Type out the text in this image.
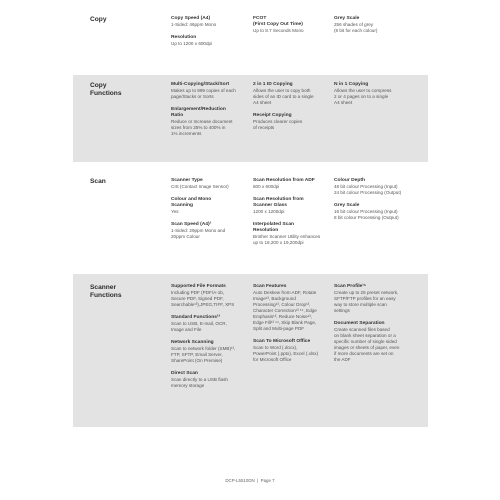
Copy	Copy Speed (A4)
1-Sided: 46ppm Mono
Resolution
Up to 1200 x 600dpi
FCOT
(First Copy Out Time)
Up to 8.7 Seconds Mono
Grey Scale
256 shades of grey
(8 bit for each colour)
Copy
Functions
Multi-Copying/Stack/Sort
Makes up to 999 copies of each
page/Stacks or Sorts
Enlargement/Reduction
Ratio
Reduce or Increase document
sizes from 25% to 400% in
1% increments
2 in 1 ID Copying
Allows the user to copy both
sides of an ID card to a single
A4 sheet
Receipt Copying
Produces clearer copies
of receipts
N in 1 Copying
Allows the user to compress
2 or 4 pages on to a single
A4 sheet
Scan	Scanner Type
CIS (Contact Image Sensor)
Colour and Mono
Scanning
Yes
Scan Speed (A4)²
1-Sided: 29ppm Mono and
20ppm Colour
Scan Resolution from ADF
600 x 600dpi
Scan Resolution from
Scanner Glass
1200 x 1200dpi
Interpolated Scan
Resolution
Brother Scanner Utility enhances
up to 19,200 x 19,200dpi
Colour Depth
48 bit colour Processing (Input)
24 bit colour Processing (Output)
Grey Scale
16 bit colour Processing (Input)
8 bit colour Processing (Output)
Scanner
Functions
Supported File Formats
Including PDF (PDF/A-1b,
Secure PDF, Signed PDF,
Searchable¹³),JPEG,TIFF, XPS
Standard Functions¹³
Scan to USB, E-mail, OCR,
Image and File
Network Scanning
Scan to network folder (SMB)¹³,
FTP, SFTP, Email Server,
SharePoint (On Premise)
Direct Scan
Scan directly to a USB flash
memory storage
Scan Features
Auto Deskew from ADF, Rotate
Image¹³, Background
Processing¹³, Colour Drop¹³,
Character Correction¹³ ¹⁴, Edge
Emphasis¹³, Reduce Noise¹³,
Edge Fill¹³ ¹⁴, Skip Blank Page,
Split and Multi-page PDF
Scan To Microsoft Office
Scan to Word (.docx),
PowerPoint (.pptx), Excel (.xlsx)
for Microsoft Office
Scan Profile¹⁵
Create up to 25 preset network,
SFTP/FTP profiles for an easy
way to store multiple scan
settings
Document Separation
Create scanned files based
on blank sheet separation or a
specific number of single sided
images or sheets of paper, even
if more documents are set on
the ADF
DCP-L5510DN  |  Page 7
